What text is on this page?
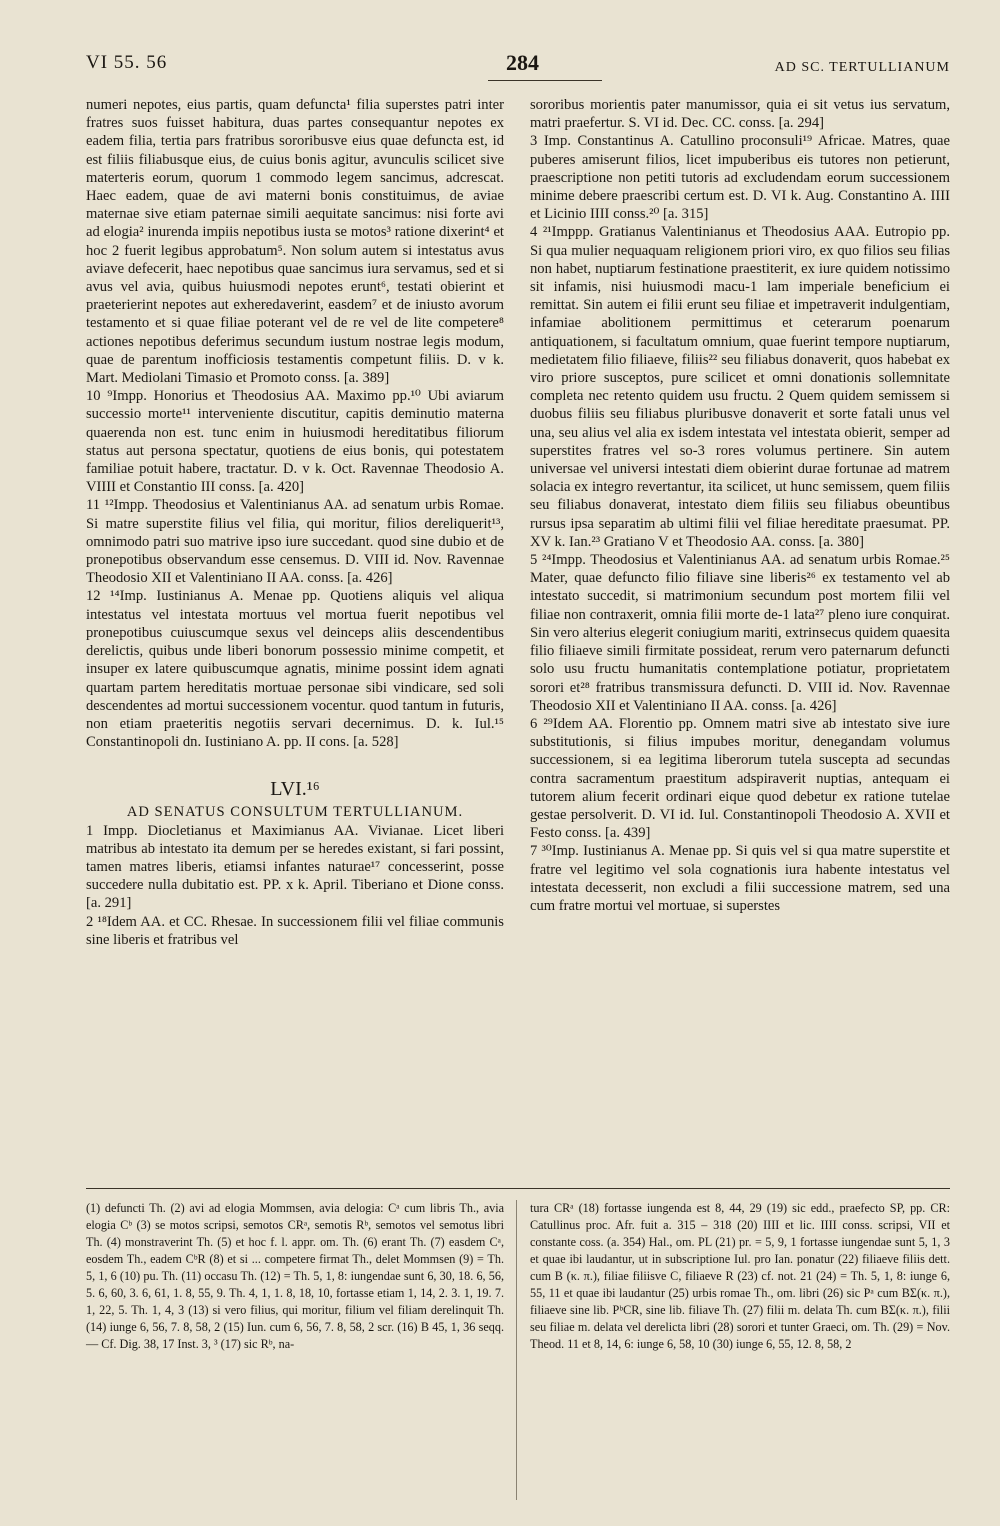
VI 55. 56	284	AD SC. TERTULLIANUM

numeri nepotes, eius partis, quam defuncta¹ filia superstes patri inter fratres suos fuisset habitura, duas partes consequantur nepotes ex eadem filia, tertia pars fratribus sororibusve eius quae defuncta est, id est filiis filiabusque eius, de cuius bonis agitur, avunculis scilicet sive materteris eorum, quorum 1 commodo legem sancimus, adcrescat. Haec eadem, quae de avi materni bonis constituimus, de aviae maternae sive etiam paternae simili aequitate sancimus: nisi forte avi ad elogia² inurenda impiis nepotibus iusta se motos³ ratione dixerint⁴ et hoc 2 fuerit legibus approbatum⁵. Non solum autem si intestatus avus aviave defecerit, haec nepotibus quae sancimus iura servamus, sed et si avus vel avia, quibus huiusmodi nepotes erunt⁶, testati obierint et praeterierint nepotes aut exheredaverint, easdem⁷ et de iniusto avorum testamento et si quae filiae poterant vel de re vel de lite competere⁸ actiones nepotibus deferimus secundum iustum nostrae legis modum, quae de parentum inofficiosis testamentis competunt filiis. D. v k. Mart. Mediolani Timasio et Promoto conss. [a. 389]

10 ⁹Impp. Honorius et Theodosius AA. Maximo pp.¹⁰ Ubi aviarum successio morte¹¹ interveniente discutitur, capitis deminutio materna quaerenda non est. tunc enim in huiusmodi hereditatibus filiorum status aut persona spectatur, quotiens de eius bonis, qui potestatem familiae potuit habere, tractatur. D. v k. Oct. Ravennae Theodosio A. VIIII et Constantio III conss. [a. 420]

11 ¹²Impp. Theodosius et Valentinianus AA. ad senatum urbis Romae. Si matre superstite filius vel filia, qui moritur, filios dereliquerit¹³, omnimodo patri suo matrive ipso iure succedant. quod sine dubio et de pronepotibus observandum esse censemus. D. VIII id. Nov. Ravennae Theodosio XII et Valentiniano II AA. conss. [a. 426]

12 ¹⁴Imp. Iustinianus A. Menae pp. Quotiens aliquis vel aliqua intestatus vel intestata mortuus vel mortua fuerit nepotibus vel pronepotibus cuiuscumque sexus vel deinceps aliis descendentibus derelictis, quibus unde liberi bonorum possessio minime competit, et insuper ex latere quibuscumque agnatis, minime possint idem agnati quartam partem hereditatis mortuae personae sibi vindicare, sed soli descendentes ad mortui successionem vocentur. quod tantum in futuris, non etiam praeteritis negotiis servari decernimus. D. k. Iul.¹⁵ Constantinopoli dn. Iustiniano A. pp. II cons. [a. 528]

LVI.¹⁶
AD SENATUS CONSULTUM TERTULLIANUM.

1 Impp. Diocletianus et Maximianus AA. Vivianae. Licet liberi matribus ab intestato ita demum per se heredes existant, si fari possint, tamen matres liberis, etiamsi infantes naturae¹⁷ concesserint, posse succedere nulla dubitatio est. PP. x k. April. Tiberiano et Dione conss. [a. 291]

2 ¹⁸Idem AA. et CC. Rhesae. In successionem filii vel filiae communis sine liberis et fratribus vel

sororibus morientis pater manumissor, quia ei sit vetus ius servatum, matri praefertur. S. VI id. Dec. CC. conss. [a. 294]

3 Imp. Constantinus A. Catullino proconsuli¹⁹ Africae. Matres, quae puberes amiserunt filios, licet impuberibus eis tutores non petierunt, praescriptione non petiti tutoris ad excludendam eorum successionem minime debere praescribi certum est. D. VI k. Aug. Constantino A. IIII et Licinio IIII conss.²⁰ [a. 315]

4 ²¹Imppp. Gratianus Valentinianus et Theodosius AAA. Eutropio pp. Si qua mulier nequaquam religionem priori viro, ex quo filios seu filias non habet, nuptiarum festinatione praestiterit, ex iure quidem notissimo sit infamis, nisi huiusmodi macu-1 lam imperiale beneficium ei remittat. Sin autem ei filii erunt seu filiae et impetraverit indulgentiam, infamiae abolitionem permittimus et ceterarum poenarum antiquationem, si facultatum omnium, quae fuerint tempore nuptiarum, medietatem filio filiaeve, filiis²² seu filiabus donaverit, quos habebat ex viro priore susceptos, pure scilicet et omni donationis sollemnitate completa nec retento quidem usu fructu. 2 Quem quidem semissem si duobus filiis seu filiabus pluribusve donaverit et sorte fatali unus vel una, seu alius vel alia ex isdem intestata vel intestata obierit, semper ad superstites fratres vel so-3 rores volumus pertinere. Sin autem universae vel universi intestati diem obierint durae fortunae ad matrem solacia ex integro revertantur, ita scilicet, ut hunc semissem, quem filiis seu filiabus donaverat, intestato diem filiis seu filiabus obeuntibus rursus ipsa separatim ab ultimi filii vel filiae hereditate praesumat. PP. XV k. Ian.²³ Gratiano V et Theodosio AA. conss. [a. 380]

5 ²⁴Impp. Theodosius et Valentinianus AA. ad senatum urbis Romae.²⁵ Mater, quae defuncto filio filiave sine liberis²⁶ ex testamento vel ab intestato succedit, si matrimonium secundum post mortem filii vel filiae non contraxerit, omnia filii morte de-1 lata²⁷ pleno iure conquirat. Sin vero alterius elegerit coniugium mariti, extrinsecus quidem quaesita filio filiaeve simili firmitate possideat, rerum vero paternarum defuncti solo usu fructu humanitatis contemplatione potiatur, proprietatem sorori et²⁸ fratribus transmissura defuncti. D. VIII id. Nov. Ravennae Theodosio XII et Valentiniano II AA. conss. [a. 426]

6 ²⁹Idem AA. Florentio pp. Omnem matri sive ab intestato sive iure substitutionis, si filius impubes moritur, denegandam volumus successionem, si ea legitima liberorum tutela suscepta ad secundas contra sacramentum praestitum adspiraverit nuptias, antequam ei tutorem alium fecerit ordinari eique quod debetur ex ratione tutelae gestae persolverit. D. VI id. Iul. Constantinopoli Theodosio A. XVII et Festo conss. [a. 439]

7 ³⁰Imp. Iustinianus A. Menae pp. Si quis vel si qua matre superstite et fratre vel legitimo vel sola cognationis iura habente intestatus vel intestata decesserit, non excludi a filii successione matrem, sed una cum fratre mortui vel mortuae, si superstes

(1) defuncti Th. (2) avi ad elogia Mommsen, avia delogia: Cᵃ cum libris Th., avia elogia Cᵇ (3) se motos scripsi, semotos CRᵃ, semotis Rᵇ, semotos vel semotus libri Th. (4) monstraverint Th. (5) et hoc f. l. appr. om. Th. (6) erant Th. (7) easdem Cᵃ, eosdem Th., eadem CᵇR (8) et si ... competere firmat Th., delet Mommsen (9) = Th. 5, 1, 6 (10) pu. Th. (11) occasu Th. (12) = Th. 5, 1, 8: iungendae sunt 6, 30, 18. 6, 56, 5. 6, 60, 3. 6, 61, 1. 8, 55, 9. Th. 4, 1, 1. 8, 18, 10, fortasse etiam 1, 14, 2. 3. 1, 19. 7. 1, 22, 5. Th. 1, 4, 3 (13) si vero filius, qui moritur, filium vel filiam derelinquit Th. (14) iunge 6, 56, 7. 8, 58, 2 (15) Iun. cum 6, 56, 7. 8, 58, 2 scr. (16) B 45, 1, 36 seqq. — Cf. Dig. 38, 17 Inst. 3, ³ (17) sic Rᵇ, na-

tura CRᵃ (18) fortasse iungenda est 8, 44, 29 (19) sic edd., praefecto SP, pp. CR: Catullinus proc. Afr. fuit a. 315 – 318 (20) IIII et lic. IIII conss. scripsi, VII et constante coss. (a. 354) Hal., om. PL (21) pr. = 5, 9, 1 fortasse iungendae sunt 5, 1, 3 et quae ibi laudantur, ut in subscriptione Iul. pro Ian. ponatur (22) filiaeve filiis dett. cum B (κ. π.), filiae filiisve C, filiaeve R (23) cf. not. 21 (24) = Th. 5, 1, 8: iunge 6, 55, 11 et quae ibi laudantur (25) urbis romae Th., om. libri (26) sic Pᵃ cum BΣ(κ. π.), filiaeve sine lib. PᵇCR, sine lib. filiave Th. (27) filii m. delata Th. cum BΣ(κ. π.), filii seu filiae m. delata vel derelicta libri (28) sorori et tunter Graeci, om. Th. (29) = Nov. Theod. 11 et 8, 14, 6: iunge 6, 58, 10 (30) iunge 6, 55, 12. 8, 58, 2
